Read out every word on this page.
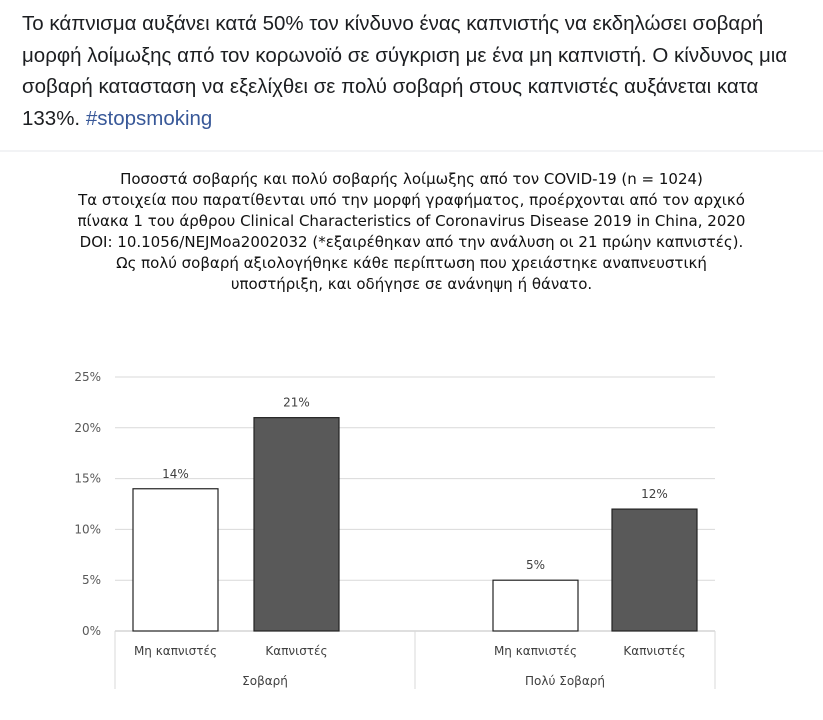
Το κάπνισμα αυξάνει κατά 50% τον κίνδυνο ένας καπνιστής να εκδηλώσει σοβαρή μορφή λοίμωξης από τον κορωνοϊό σε σύγκριση με ένα μη καπνιστή. Ο κίνδυνος μια σοβαρή κατασταση να εξελίχθει σε πολύ σοβαρή στους καπνιστές αυξάνεται κατα 133%. #stopsmoking

Ποσοστά σοβαρής και πολύ σοβαρής λοίμωξης από τον COVID-19 (n = 1024)
Τα στοιχεία που παρατίθενται υπό την μορφή γραφήματος, προέρχονται από τον αρχικό
πίνακα 1 του άρθρου Clinical Characteristics of Coronavirus Disease 2019 in China, 2020
DOI: 10.1056/NEJMoa2002032 (*εξαιρέθηκαν από την ανάλυση οι 21 πρώην καπνιστές).
Ως πολύ σοβαρή αξιολογήθηκε κάθε περίπτωση που χρειάστηκε αναπνευστική
υποστήριξη, και οδήγησε σε ανάνηψη ή θάνατο.
0%
5%
10%
15%
20%
25%
14%
Μη καπνιστές
21%
Καπνιστές
Σοβαρή
5%
Μη καπνιστές
12%
Καπνιστές
Πολύ Σοβαρή
